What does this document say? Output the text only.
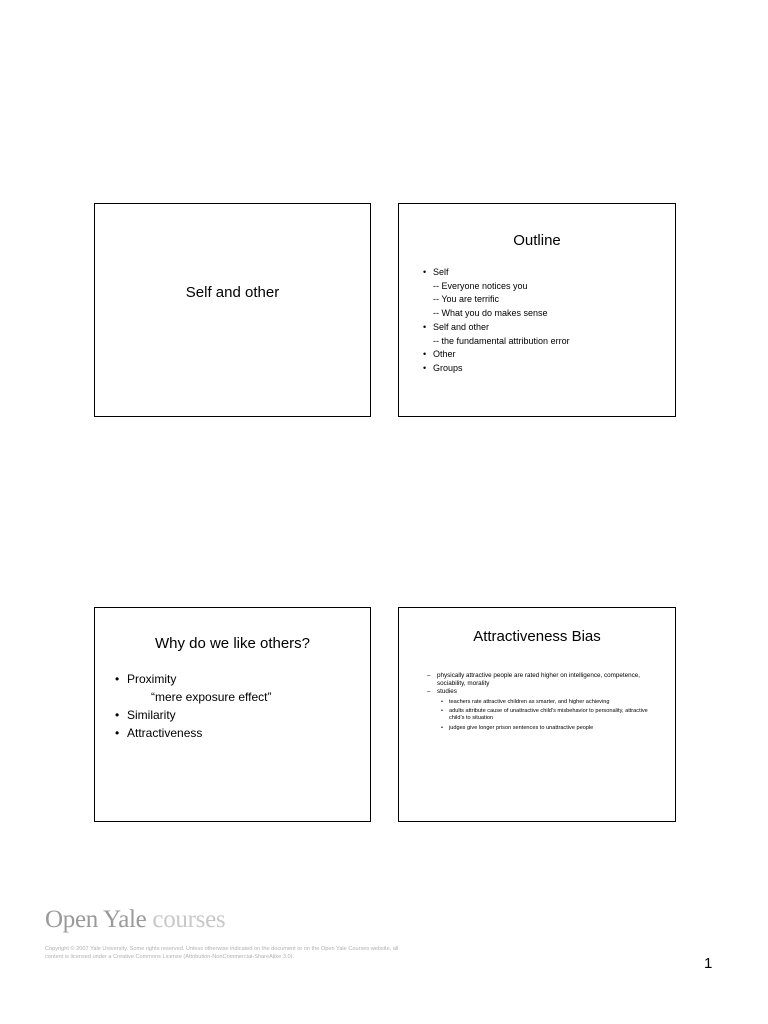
Self and other
Outline
• Self
-- Everyone notices you
-- You are terrific
-- What you do makes sense
• Self and other
-- the fundamental attribution error
• Other
• Groups
Why do we like others?
• Proximity
“mere exposure effect”
• Similarity
• Attractiveness
Attractiveness Bias
– physically attractive people are rated higher on intelligence, competence, sociability, morality
– studies
• teachers rate attractive children as smarter, and higher achieving
• adults attribute cause of unattractive child’s misbehavior to personality, attractive child’s to situation
• judges give longer prison sentences to unattractive people
Open Yale courses
Copyright © 2007 Yale University. Some rights reserved. Unless otherwise indicated on the document or on the Open Yale Courses website, all content is licensed under a Creative Commons License (Attribution-NonCommercial-ShareAlike 3.0).	1
